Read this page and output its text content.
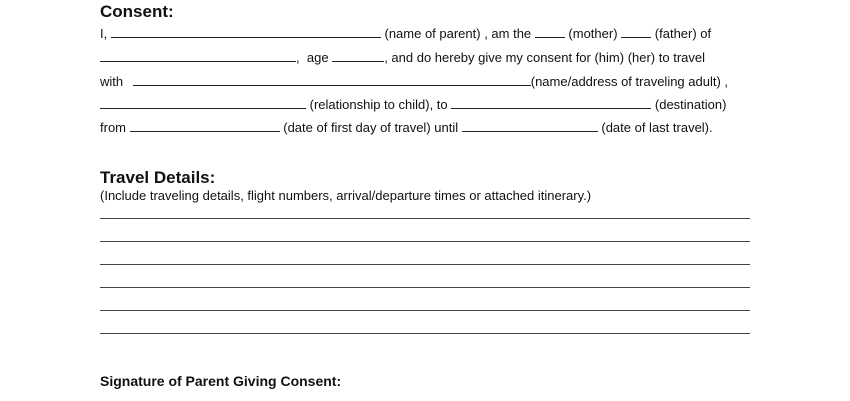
Consent:
I,	(name of parent) , am the	(mother)	(father) of
, age	, and do hereby give my consent for (him) (her) to travel
with	(name/address of traveling adult) ,
(relationship to child), to	(destination)
from	(date of first day of travel) until	(date of last travel).
Travel Details:
(Include traveling details, flight numbers, arrival/departure times or attached itinerary.)
Signature of Parent Giving Consent:
